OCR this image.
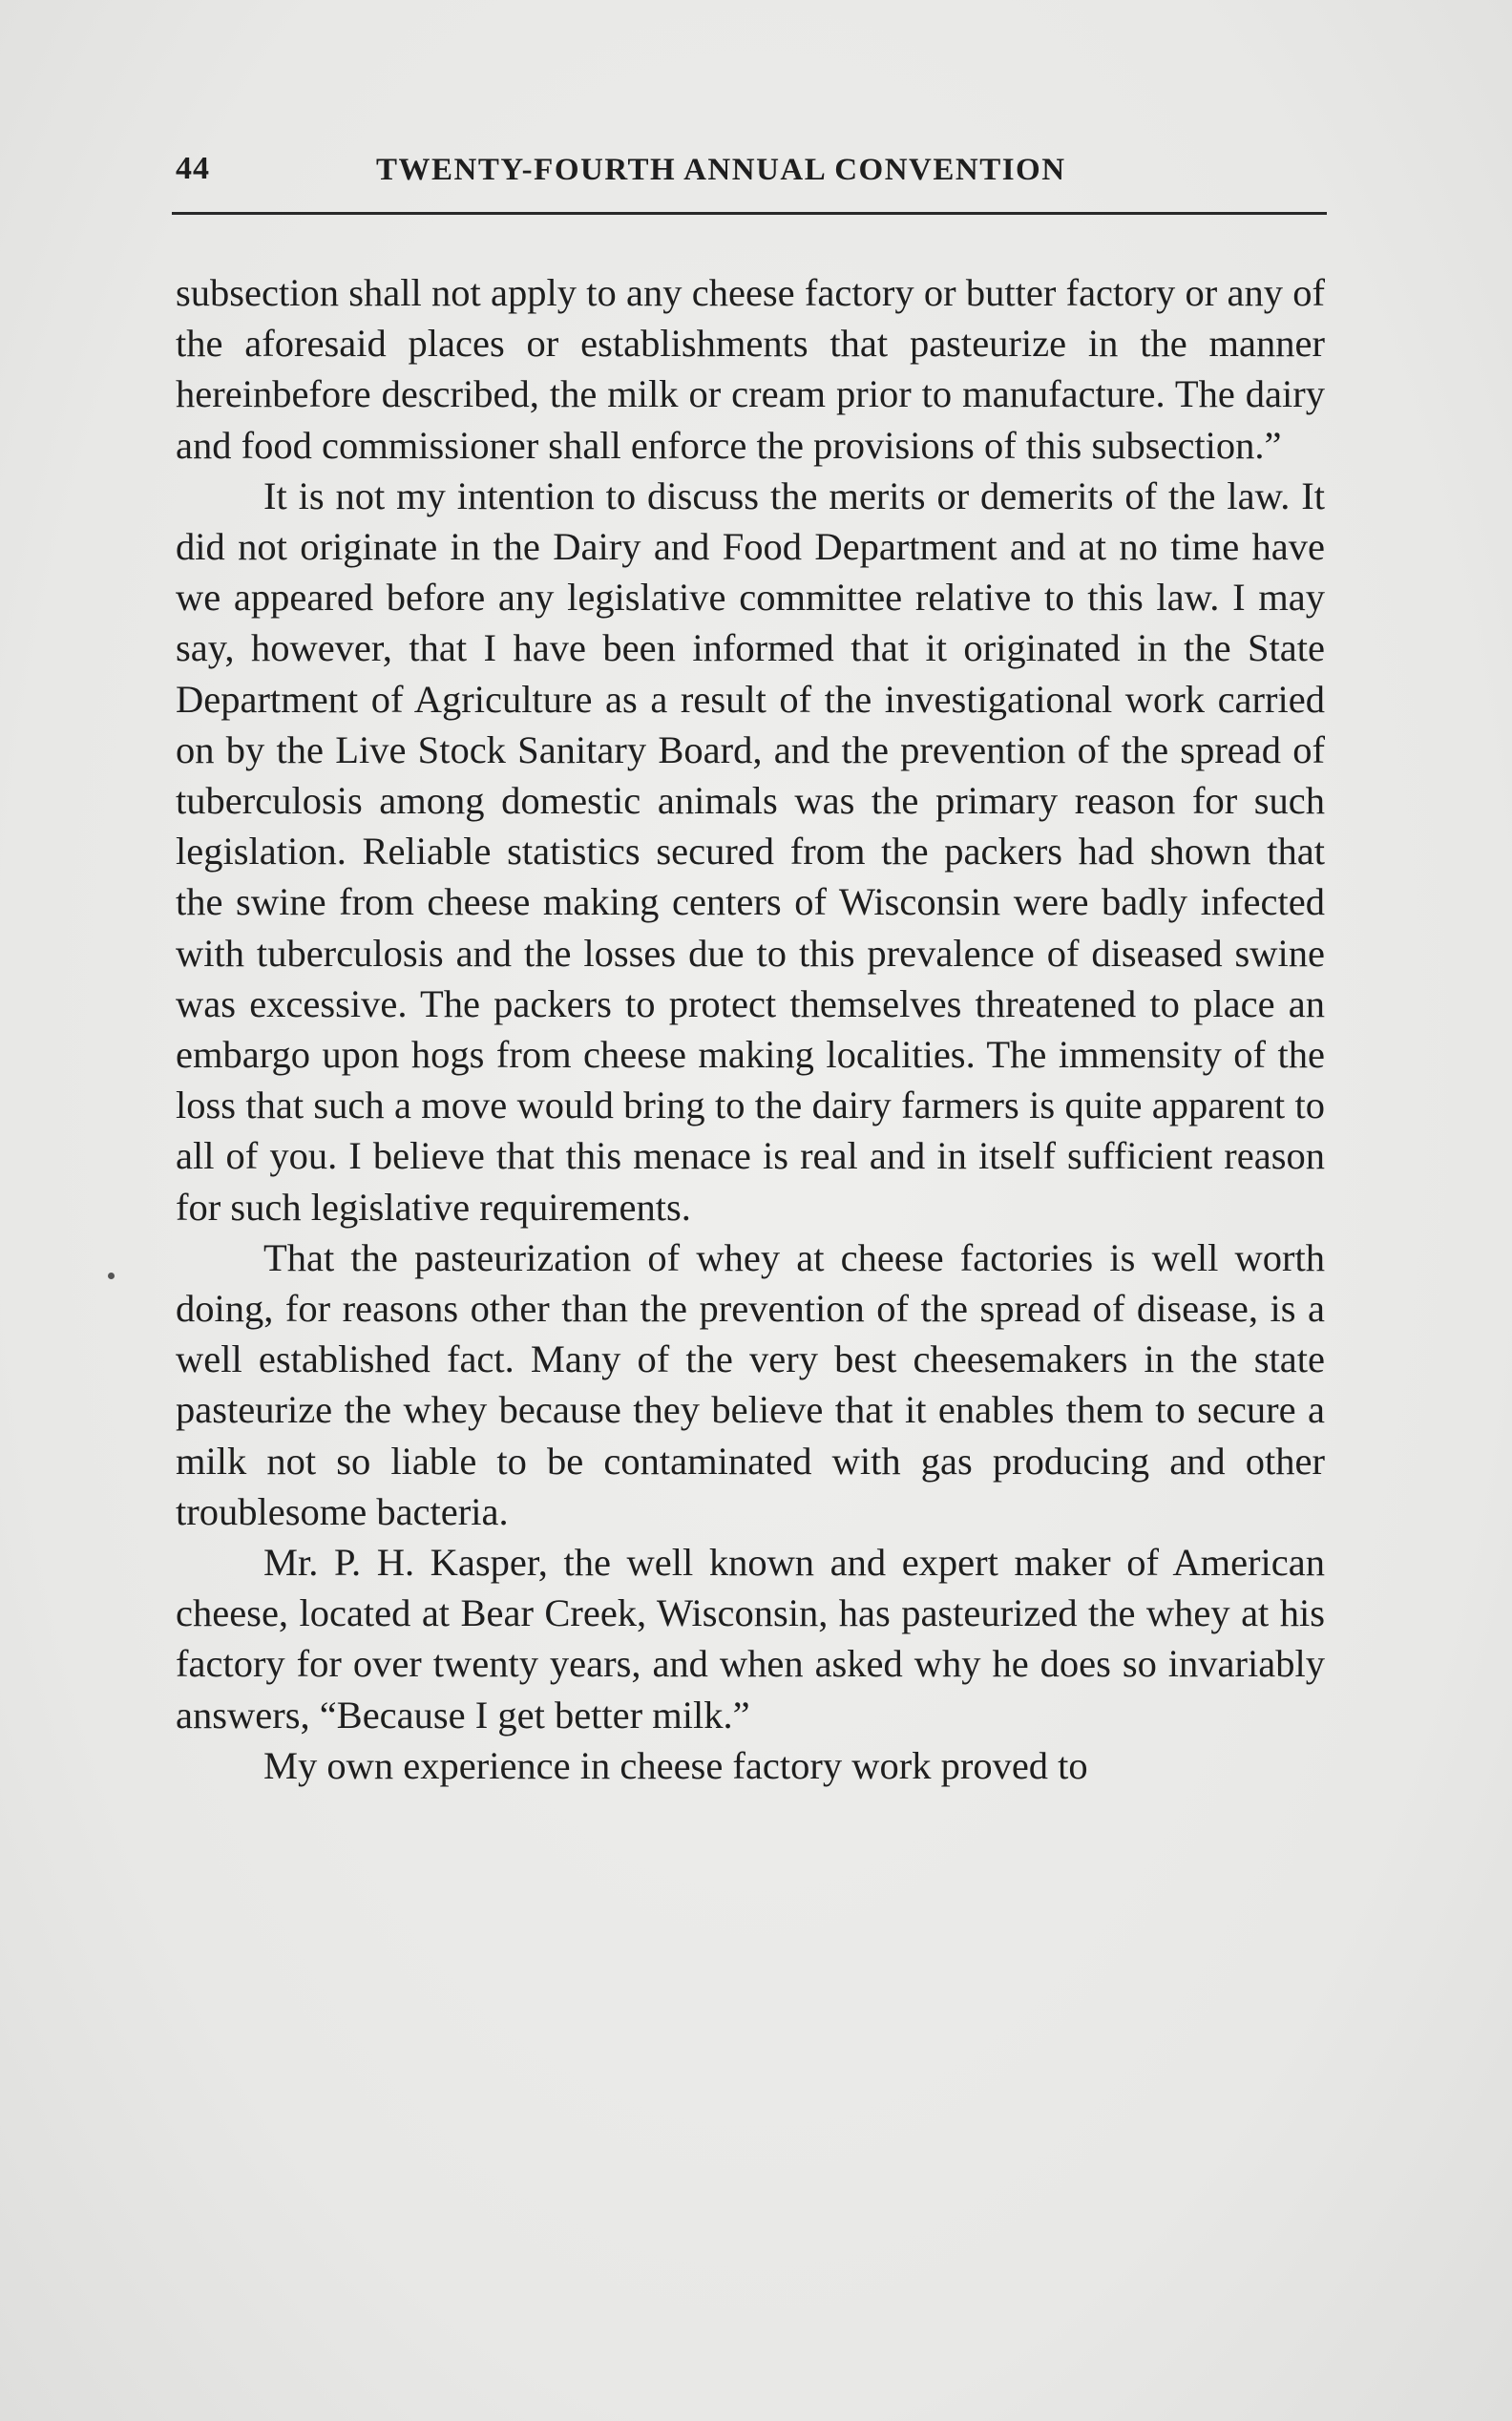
44	TWENTY-FOURTH ANNUAL CONVENTION

subsection shall not apply to any cheese factory or butter factory or any of the aforesaid places or establishments that pasteurize in the manner hereinbefore described, the milk or cream prior to manufacture. The dairy and food commissioner shall enforce the provisions of this subsection.”

It is not my intention to discuss the merits or demerits of the law. It did not originate in the Dairy and Food Department and at no time have we appeared before any legislative committee relative to this law. I may say, however, that I have been informed that it originated in the State Department of Agriculture as a result of the investigational work carried on by the Live Stock Sanitary Board, and the prevention of the spread of tuberculosis among domestic animals was the primary reason for such legislation. Reliable statistics secured from the packers had shown that the swine from cheese making centers of Wisconsin were badly infected with tuberculosis and the losses due to this prevalence of diseased swine was excessive. The packers to protect themselves threatened to place an embargo upon hogs from cheese making localities. The immensity of the loss that such a move would bring to the dairy farmers is quite apparent to all of you. I believe that this menace is real and in itself sufficient reason for such legislative requirements.

That the pasteurization of whey at cheese factories is well worth doing, for reasons other than the prevention of the spread of disease, is a well established fact. Many of the very best cheesemakers in the state pasteurize the whey because they believe that it enables them to secure a milk not so liable to be contaminated with gas producing and other troublesome bacteria.

Mr. P. H. Kasper, the well known and expert maker of American cheese, located at Bear Creek, Wisconsin, has pasteurized the whey at his factory for over twenty years, and when asked why he does so invariably answers, “Because I get better milk.”

My own experience in cheese factory work proved to
